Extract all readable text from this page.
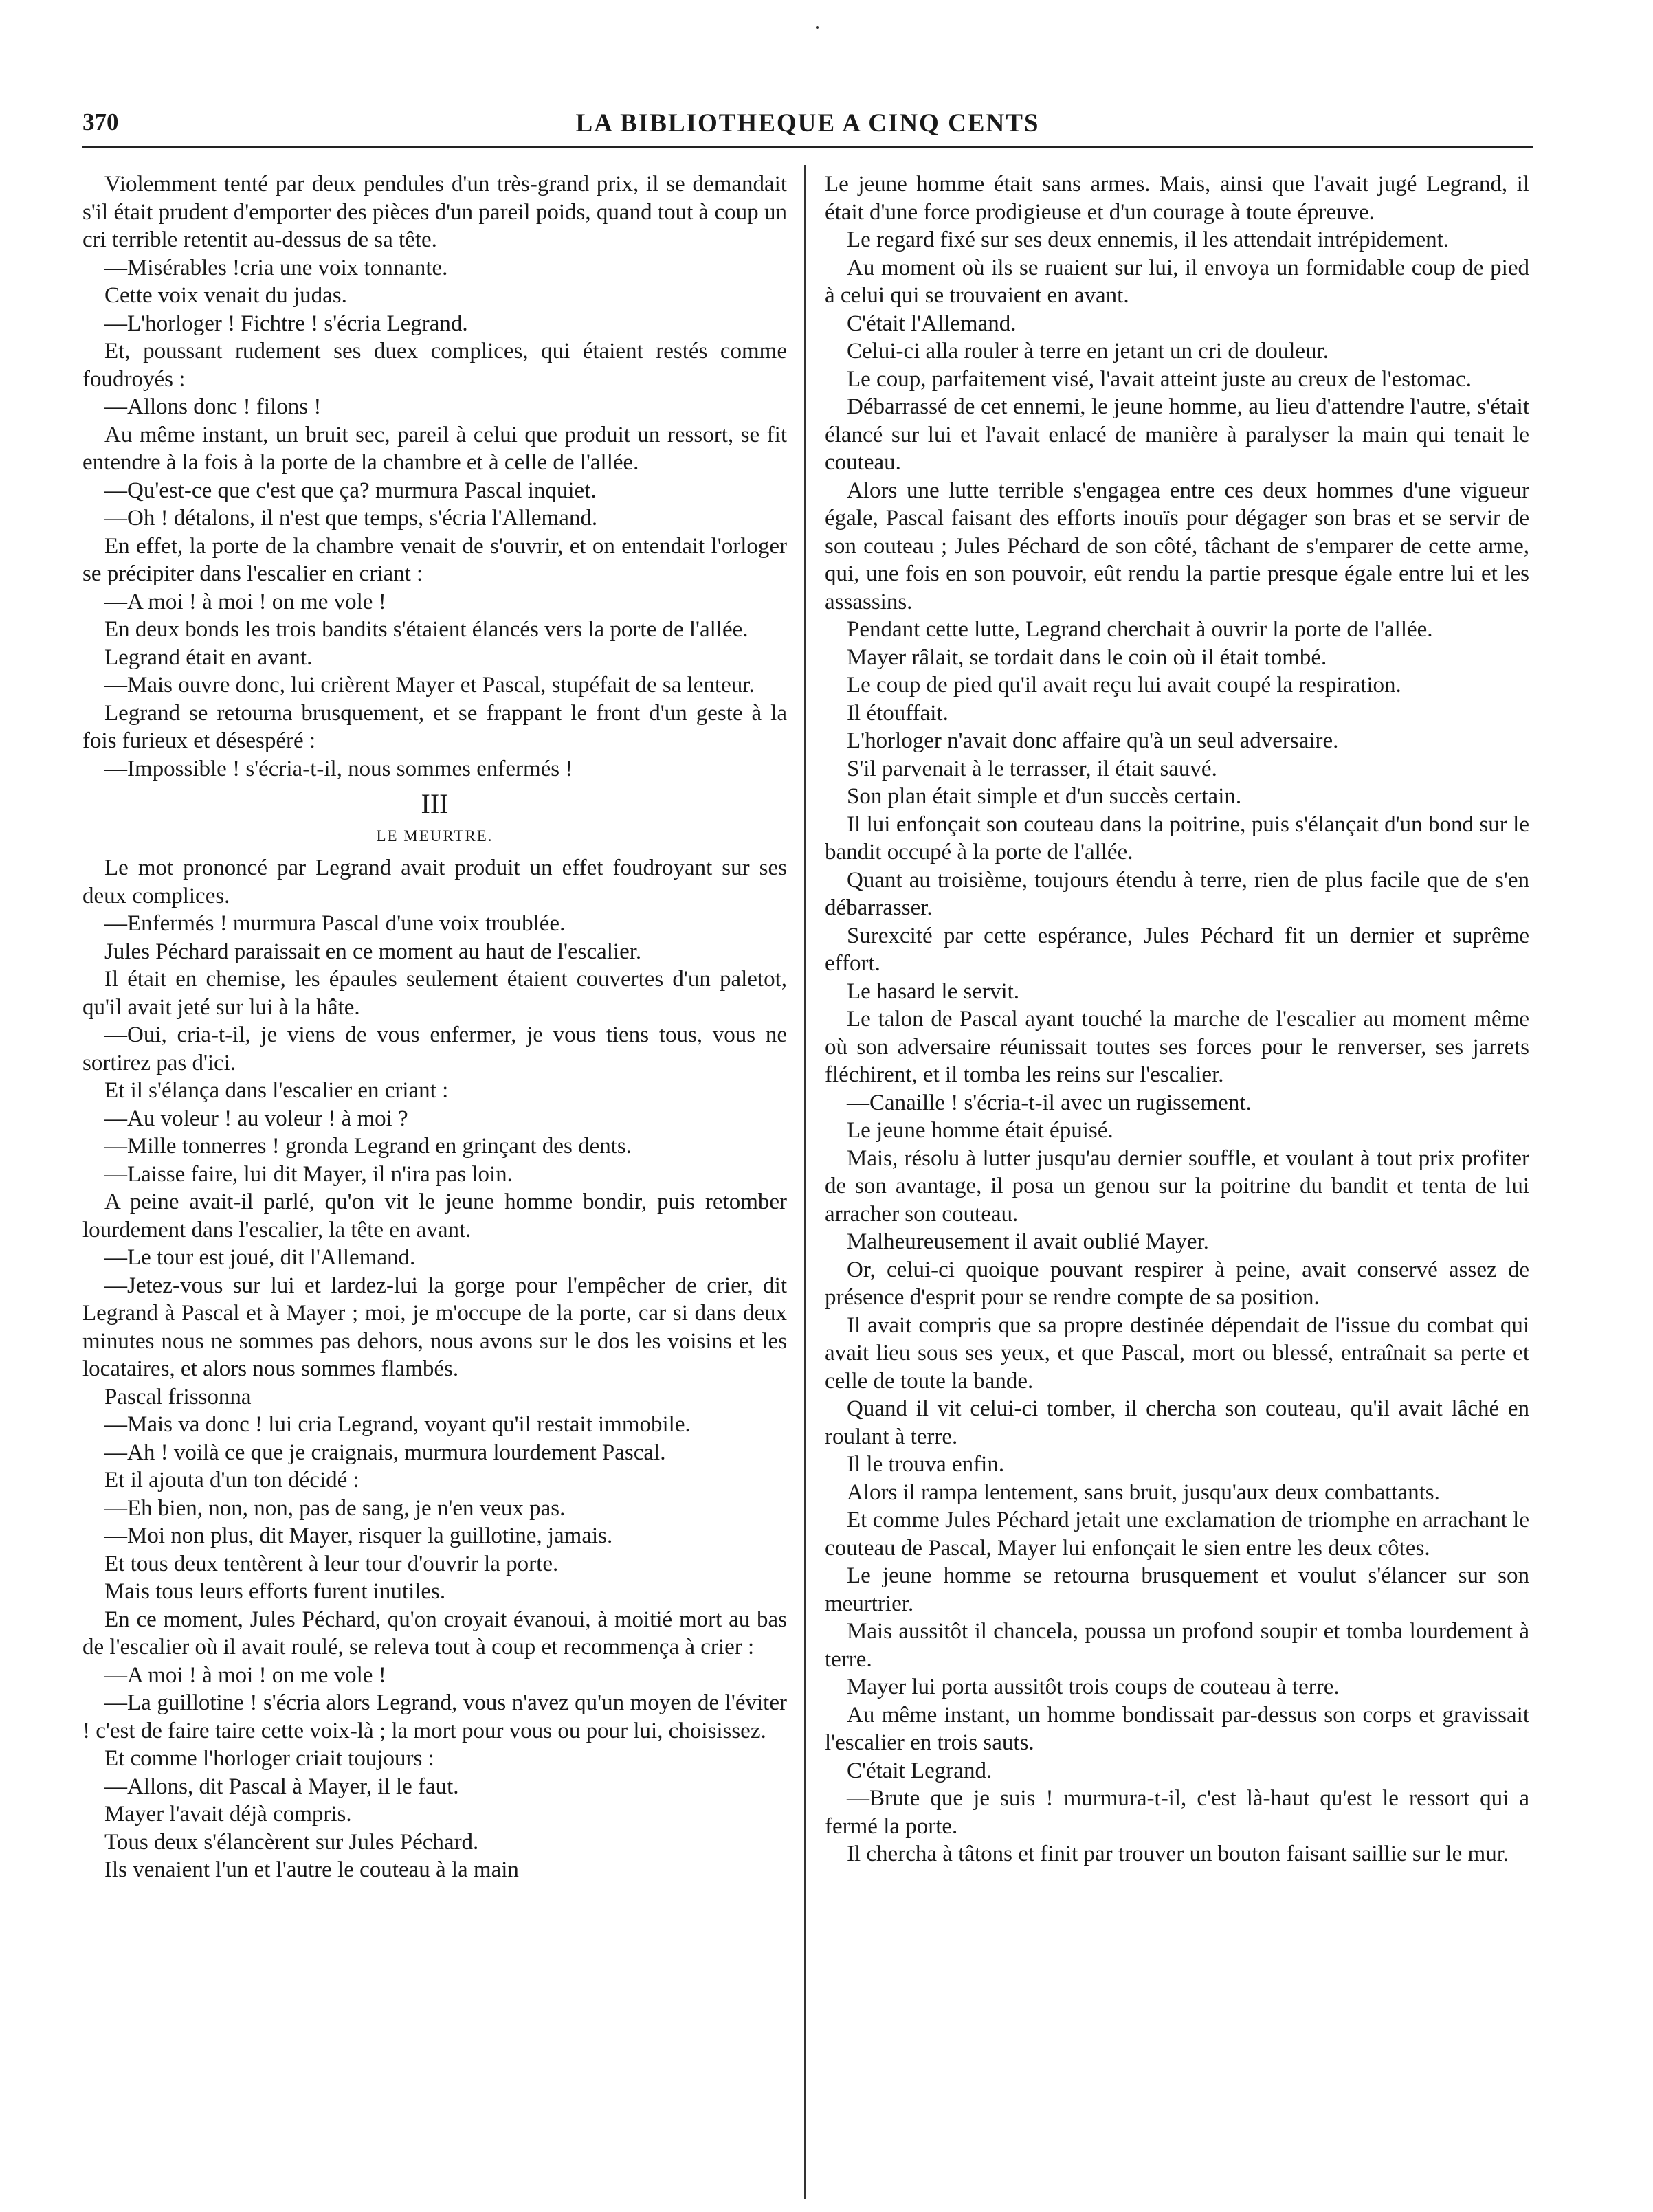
370	LA BIBLIOTHEQUE A CINQ CENTS

Violemment tenté par deux pendules d'un très-grand prix, il se demandait s'il était prudent d'emporter des pièces d'un pareil poids, quand tout à coup un cri terrible retentit au-dessus de sa tête.

—Misérables !cria une voix tonnante.

Cette voix venait du judas.

—L'horloger ! Fichtre ! s'écria Legrand.

Et, poussant rudement ses duex complices, qui étaient restés comme foudroyés :

—Allons donc ! filons !

Au même instant, un bruit sec, pareil à celui que produit un ressort, se fit entendre à la fois à la porte de la chambre et à celle de l'allée.

—Qu'est-ce que c'est que ça? murmura Pascal inquiet.

—Oh ! détalons, il n'est que temps, s'écria l'Allemand.

En effet, la porte de la chambre venait de s'ouvrir, et on entendait l'orloger se précipiter dans l'escalier en criant :

—A moi ! à moi ! on me vole !

En deux bonds les trois bandits s'étaient élancés vers la porte de l'allée.

Legrand était en avant.

—Mais ouvre donc, lui crièrent Mayer et Pascal, stupéfait de sa lenteur.

Legrand se retourna brusquement, et se frappant le front d'un geste à la fois furieux et désespéré :

—Impossible ! s'écria-t-il, nous sommes enfermés !

III
LE MEURTRE.

Le mot prononcé par Legrand avait produit un effet foudroyant sur ses deux complices.

—Enfermés ! murmura Pascal d'une voix troublée.

Jules Péchard paraissait en ce moment au haut de l'escalier.

Il était en chemise, les épaules seulement étaient couvertes d'un paletot, qu'il avait jeté sur lui à la hâte.

—Oui, cria-t-il, je viens de vous enfermer, je vous tiens tous, vous ne sortirez pas d'ici.

Et il s'élança dans l'escalier en criant :

—Au voleur ! au voleur ! à moi ?

—Mille tonnerres ! gronda Legrand en grinçant des dents.

—Laisse faire, lui dit Mayer, il n'ira pas loin.

A peine avait-il parlé, qu'on vit le jeune homme bondir, puis retomber lourdement dans l'escalier, la tête en avant.

—Le tour est joué, dit l'Allemand.

—Jetez-vous sur lui et lardez-lui la gorge pour l'empêcher de crier, dit Legrand à Pascal et à Mayer ; moi, je m'occupe de la porte, car si dans deux minutes nous ne sommes pas dehors, nous avons sur le dos les voisins et les locataires, et alors nous sommes flambés.

Pascal frissonna

—Mais va donc ! lui cria Legrand, voyant qu'il restait immobile.

—Ah ! voilà ce que je craignais, murmura lourdement Pascal.

Et il ajouta d'un ton décidé :

—Eh bien, non, non, pas de sang, je n'en veux pas.

—Moi non plus, dit Mayer, risquer la guillotine, jamais.

Et tous deux tentèrent à leur tour d'ouvrir la porte.

Mais tous leurs efforts furent inutiles.

En ce moment, Jules Péchard, qu'on croyait évanoui, à moitié mort au bas de l'escalier où il avait roulé, se releva tout à coup et recommença à crier :

—A moi ! à moi ! on me vole !

—La guillotine ! s'écria alors Legrand, vous n'avez qu'un moyen de l'éviter ! c'est de faire taire cette voix-là ; la mort pour vous ou pour lui, choisissez.

Et comme l'horloger criait toujours :

—Allons, dit Pascal à Mayer, il le faut.

Mayer l'avait déjà compris.

Tous deux s'élancèrent sur Jules Péchard.

Ils venaient l'un et l'autre le couteau à la main

Le jeune homme était sans armes. Mais, ainsi que l'avait jugé Legrand, il était d'une force prodigieuse et d'un courage à toute épreuve.

Le regard fixé sur ses deux ennemis, il les attendait intrépidement.

Au moment où ils se ruaient sur lui, il envoya un formidable coup de pied à celui qui se trouvaient en avant.

C'était l'Allemand.

Celui-ci alla rouler à terre en jetant un cri de douleur.

Le coup, parfaitement visé, l'avait atteint juste au creux de l'estomac.

Débarrassé de cet ennemi, le jeune homme, au lieu d'attendre l'autre, s'était élancé sur lui et l'avait enlacé de manière à paralyser la main qui tenait le couteau.

Alors une lutte terrible s'engagea entre ces deux hommes d'une vigueur égale, Pascal faisant des efforts inouïs pour dégager son bras et se servir de son couteau ; Jules Péchard de son côté, tâchant de s'emparer de cette arme, qui, une fois en son pouvoir, eût rendu la partie presque égale entre lui et les assassins.

Pendant cette lutte, Legrand cherchait à ouvrir la porte de l'allée.

Mayer râlait, se tordait dans le coin où il était tombé.

Le coup de pied qu'il avait reçu lui avait coupé la respiration.

Il étouffait.

L'horloger n'avait donc affaire qu'à un seul adversaire.

S'il parvenait à le terrasser, il était sauvé.

Son plan était simple et d'un succès certain.

Il lui enfonçait son couteau dans la poitrine, puis s'élançait d'un bond sur le bandit occupé à la porte de l'allée.

Quant au troisième, toujours étendu à terre, rien de plus facile que de s'en débarrasser.

Surexcité par cette espérance, Jules Péchard fit un dernier et suprême effort.

Le hasard le servit.

Le talon de Pascal ayant touché la marche de l'escalier au moment même où son adversaire réunissait toutes ses forces pour le renverser, ses jarrets fléchirent, et il tomba les reins sur l'escalier.

—Canaille ! s'écria-t-il avec un rugissement.

Le jeune homme était épuisé.

Mais, résolu à lutter jusqu'au dernier souffle, et voulant à tout prix profiter de son avantage, il posa un genou sur la poitrine du bandit et tenta de lui arracher son couteau.

Malheureusement il avait oublié Mayer.

Or, celui-ci quoique pouvant respirer à peine, avait conservé assez de présence d'esprit pour se rendre compte de sa position.

Il avait compris que sa propre destinée dépendait de l'issue du combat qui avait lieu sous ses yeux, et que Pascal, mort ou blessé, entraînait sa perte et celle de toute la bande.

Quand il vit celui-ci tomber, il chercha son couteau, qu'il avait lâché en roulant à terre.

Il le trouva enfin.

Alors il rampa lentement, sans bruit, jusqu'aux deux combattants.

Et comme Jules Péchard jetait une exclamation de triomphe en arrachant le couteau de Pascal, Mayer lui enfonçait le sien entre les deux côtes.

Le jeune homme se retourna brusquement et voulut s'élancer sur son meurtrier.

Mais aussitôt il chancela, poussa un profond soupir et tomba lourdement à terre.

Mayer lui porta aussitôt trois coups de couteau à terre.

Au même instant, un homme bondissait par-dessus son corps et gravissait l'escalier en trois sauts.

C'était Legrand.

—Brute que je suis ! murmura-t-il, c'est là-haut qu'est le ressort qui a fermé la porte.

Il chercha à tâtons et finit par trouver un bouton faisant saillie sur le mur.
